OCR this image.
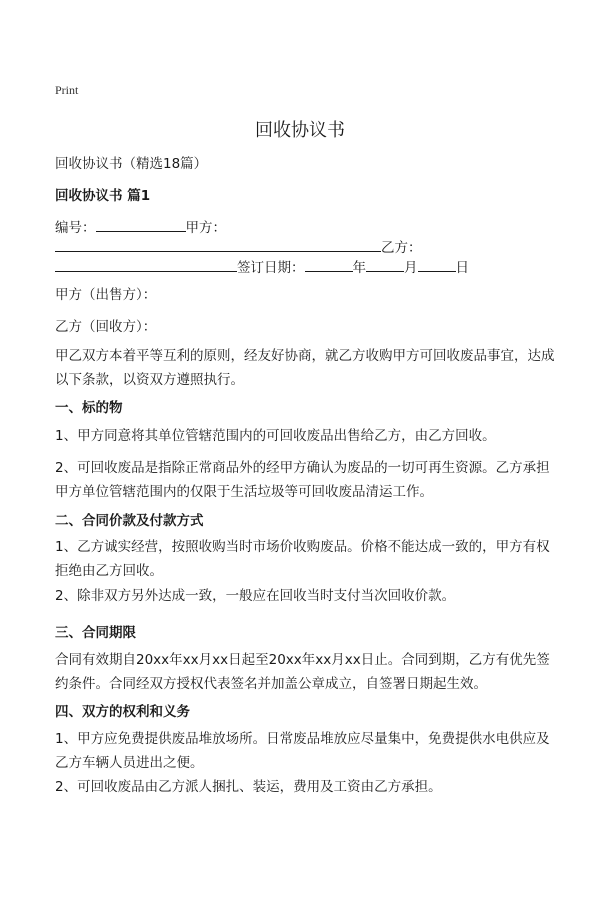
Print
回收协议书
回收协议书（精选18篇）
回收协议书 篇1
编号：	甲方：
乙方：
签订日期：	年	月	日
甲方（出售方）：
乙方（回收方）：
甲乙双方本着平等互利的原则，经友好协商，就乙方收购甲方可回收废品事宜，达成以下条款，以资双方遵照执行。
一、标的物
1、甲方同意将其单位管辖范围内的可回收废品出售给乙方，由乙方回收。
2、可回收废品是指除正常商品外的经甲方确认为废品的一切可再生资源。乙方承担甲方单位管辖范围内的仅限于生活垃圾等可回收废品清运工作。
二、合同价款及付款方式
1、乙方诚实经营，按照收购当时市场价收购废品。价格不能达成一致的，甲方有权拒绝由乙方回收。
2、除非双方另外达成一致，一般应在回收当时支付当次回收价款。
三、合同期限
合同有效期自20xx年xx月xx日起至20xx年xx月xx日止。合同到期，乙方有优先签约条件。合同经双方授权代表签名并加盖公章成立，自签署日期起生效。
四、双方的权利和义务
1、甲方应免费提供废品堆放场所。日常废品堆放应尽量集中，免费提供水电供应及乙方车辆人员进出之便。
2、可回收废品由乙方派人捆扎、装运，费用及工资由乙方承担。
